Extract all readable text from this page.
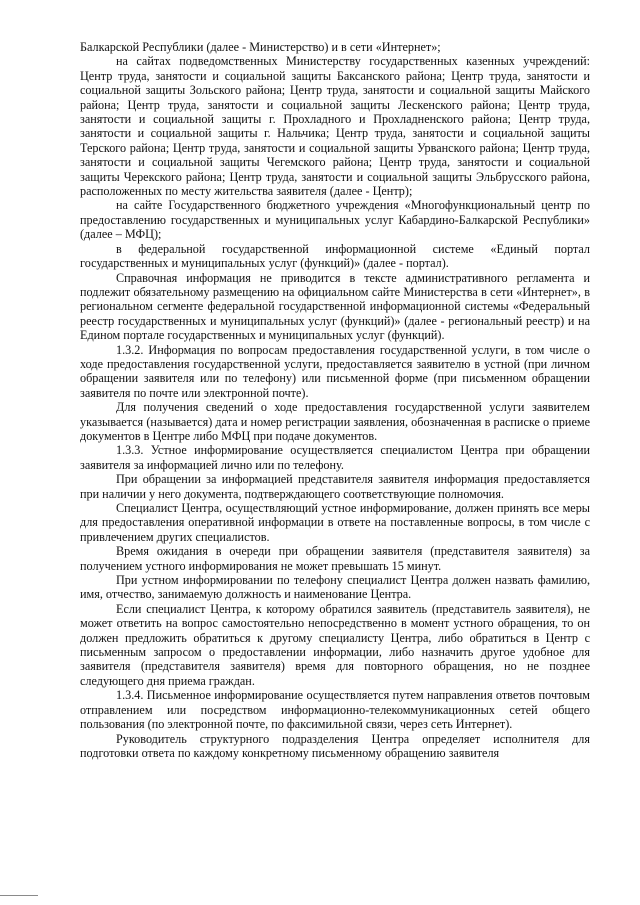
Балкарской Республики (далее - Министерство) и в сети «Интернет»;

на сайтах подведомственных Министерству государственных казенных учреждений: Центр труда, занятости и социальной защиты Баксанского района; Центр труда, занятости и социальной защиты Зольского района; Центр труда, занятости и социальной защиты Майского района; Центр труда, занятости и социальной защиты Лескенского района; Центр труда, занятости и социальной защиты г. Прохладного и Прохладненского района; Центр труда, занятости и социальной защиты г. Нальчика; Центр труда, занятости и социальной защиты Терского района; Центр труда, занятости и социальной защиты Урванского района; Центр труда, занятости и социальной защиты Чегемского района; Центр труда, занятости и социальной защиты Черекского района; Центр труда, занятости и социальной защиты Эльбрусского района, расположенных по месту жительства заявителя (далее - Центр);

на сайте Государственного бюджетного учреждения «Многофункциональный центр по предоставлению государственных и муниципальных услуг Кабардино-Балкарской Республики» (далее – МФЦ);

в федеральной государственной информационной системе «Единый портал государственных и муниципальных услуг (функций)» (далее - портал).

Справочная информация не приводится в тексте административного регламента и подлежит обязательному размещению на официальном сайте Министерства в сети «Интернет», в региональном сегменте федеральной государственной информационной системы «Федеральный реестр государственных и муниципальных услуг (функций)» (далее - региональный реестр) и на Едином портале государственных и муниципальных услуг (функций).

1.3.2. Информация по вопросам предоставления государственной услуги, в том числе о ходе предоставления государственной услуги, предоставляется заявителю в устной (при личном обращении заявителя или по телефону) или письменной форме (при письменном обращении заявителя по почте или электронной почте).

Для получения сведений о ходе предоставления государственной услуги заявителем указывается (называется) дата и номер регистрации заявления, обозначенная в расписке о приеме документов в Центре либо МФЦ при подаче документов.

1.3.3. Устное информирование осуществляется специалистом Центра при обращении заявителя за информацией лично или по телефону.

При обращении за информацией представителя заявителя информация предоставляется при наличии у него документа, подтверждающего соответствующие полномочия.

Специалист Центра, осуществляющий устное информирование, должен принять все меры для предоставления оперативной информации в ответе на поставленные вопросы, в том числе с привлечением других специалистов.

Время ожидания в очереди при обращении заявителя (представителя заявителя) за получением устного информирования не может превышать 15 минут.

При устном информировании по телефону специалист Центра должен назвать фамилию, имя, отчество, занимаемую должность и наименование Центра.

Если специалист Центра, к которому обратился заявитель (представитель заявителя), не может ответить на вопрос самостоятельно непосредственно в момент устного обращения, то он должен предложить обратиться к другому специалисту Центра, либо обратиться в Центр с письменным запросом о предоставлении информации, либо назначить другое удобное для заявителя (представителя заявителя) время для повторного обращения, но не позднее следующего дня приема граждан.

1.3.4. Письменное информирование осуществляется путем направления ответов почтовым отправлением или посредством информационно-телекоммуникационных сетей общего пользования (по электронной почте, по факсимильной связи, через сеть Интернет).

Руководитель структурного подразделения Центра определяет исполнителя для подготовки ответа по каждому конкретному письменному обращению заявителя
